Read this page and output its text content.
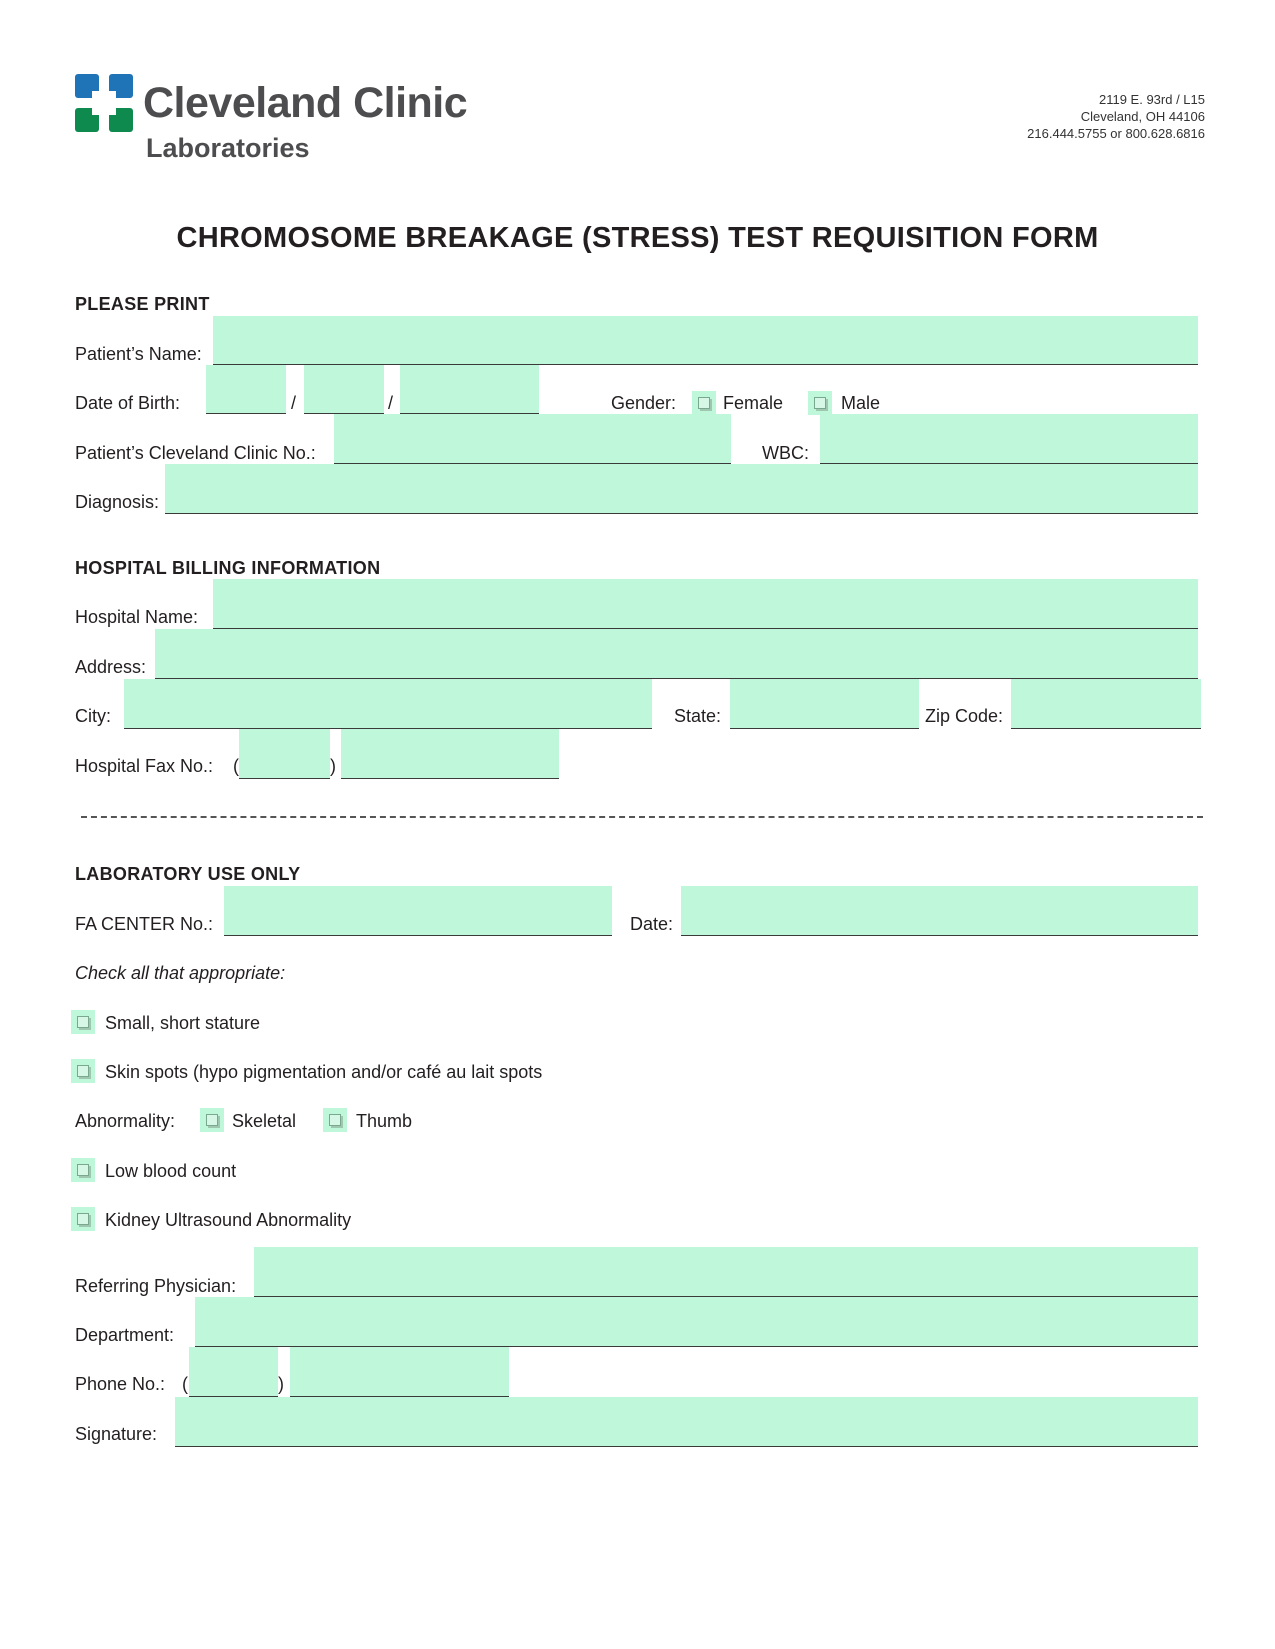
Cleveland Clinic
Laboratories
2119 E. 93rd / L15
Cleveland, OH 44106
216.444.5755 or 800.628.6816
CHROMOSOME BREAKAGE (STRESS) TEST REQUISITION FORM
PLEASE PRINT
Patient’s Name:
Date of Birth:	/	/	Gender:	Female	Male
Patient’s Cleveland Clinic No.:	WBC:
Diagnosis:
HOSPITAL BILLING INFORMATION
Hospital Name:
Address:
City:	State:	Zip Code:
Hospital Fax No.: (	)
LABORATORY USE ONLY
FA CENTER No.:	Date:
Check all that appropriate:
Small, short stature
Skin spots (hypo pigmentation and/or café au lait spots
Abnormality:	Skeletal	Thumb
Low blood count
Kidney Ultrasound Abnormality
Referring Physician:
Department:
Phone No.: (	)
Signature:
